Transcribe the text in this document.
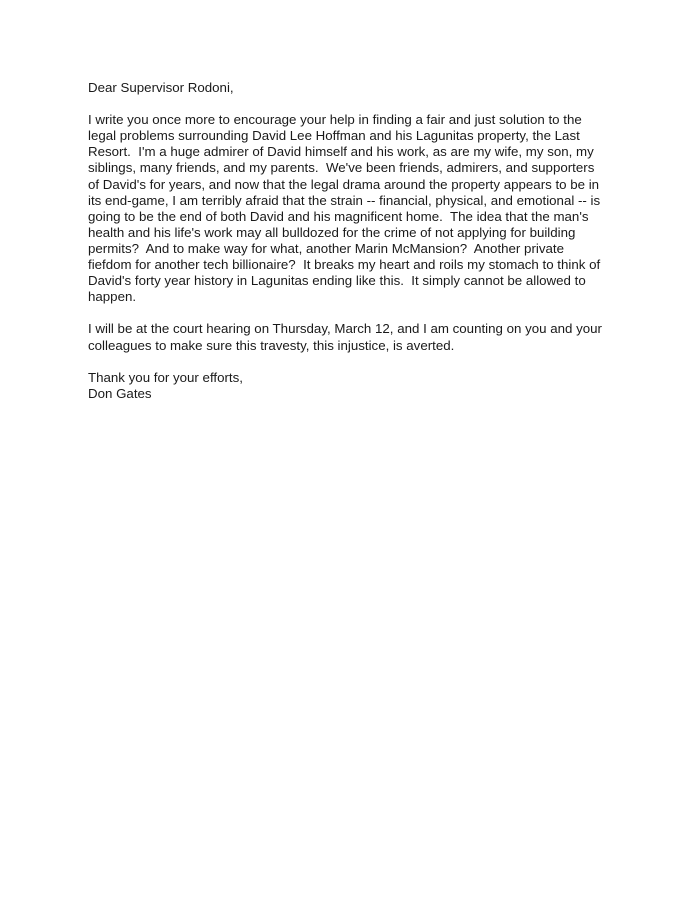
Dear Supervisor Rodoni,

I write you once more to encourage your help in finding a fair and just solution to the
legal problems surrounding David Lee Hoffman and his Lagunitas property, the Last
Resort.  I'm a huge admirer of David himself and his work, as are my wife, my son, my
siblings, many friends, and my parents.  We've been friends, admirers, and supporters
of David's for years, and now that the legal drama around the property appears to be in
its end-game, I am terribly afraid that the strain -- financial, physical, and emotional -- is
going to be the end of both David and his magnificent home.  The idea that the man's
health and his life's work may all bulldozed for the crime of not applying for building
permits?  And to make way for what, another Marin McMansion?  Another private
fiefdom for another tech billionaire?  It breaks my heart and roils my stomach to think of
David's forty year history in Lagunitas ending like this.  It simply cannot be allowed to
happen.

I will be at the court hearing on Thursday, March 12, and I am counting on you and your
colleagues to make sure this travesty, this injustice, is averted.

Thank you for your efforts,

Don Gates
